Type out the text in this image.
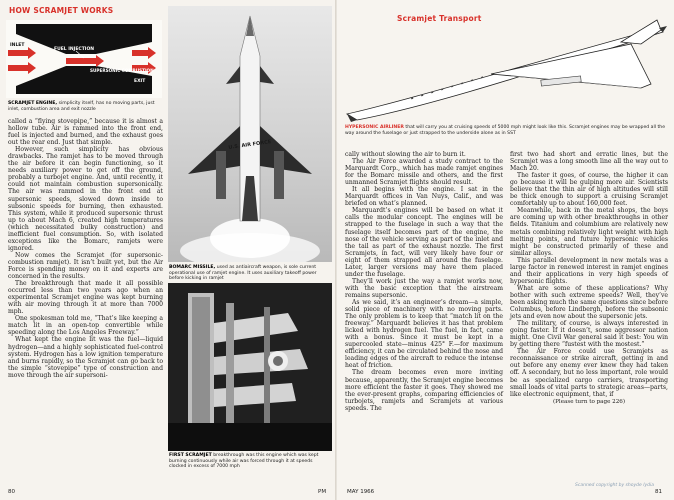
HOW SCRAMJET WORKS
FUEL INJECTION
INLET
SUPERSONIC COMBUSTION
EXIT
SCRAMJET ENGINE, simplicity itself, has no moving parts, just inlet, combustion area and exit nozzle
U.S. AIR FORCE
BOMARC MISSILE, used as antiaircraft weapon, is sole current operational use of ramjet engine. It uses auxiliary takeoff power before kicking in ramjet
FIRST SCRAMJET breakthrough was this engine which was kept burning continuously while air was forced through it at speeds clocked in excess of 7000 mph

called a “flying stovepipe,” because it is almost a hollow tube. Air is rammed into the front end, fuel is injected and burned, and the exhaust goes out the rear end. Just that simple.

However, such simplicity has obvious drawbacks. The ramjet has to be moved through the air before it can begin functioning, so it needs auxiliary power to get off the ground, probably a turbojet engine. And, until recently, it could not maintain combustion supersonically. The air was rammed in the front end at supersonic speeds, slowed down inside to subsonic speeds for burning, then exhausted. This system, while it produced supersonic thrust up to about Mach 6, created high temperatures (which necessitated bulky construction) and inefficient fuel consumption. So, with isolated exceptions like the Bomarc, ramjets were ignored.

Now comes the Scramjet (for supersonic-combustion ramjet). It isn’t built yet, but the Air Force is spending money on it and experts are concerned in the results.

The breakthrough that made it all possible occurred less than two years ago when an experimental Scramjet engine was kept burning with air moving through it at more than 7000 mph.

One spokesman told me, “That’s like keeping a match lit in an open-top convertible while speeding along the Los Angeles Freeway.”

What kept the engine lit was the fuel—liquid hydrogen—and a highly sophisticated fuel-control system. Hydrogen has a low ignition temperature and burns rapidly, so the Scramjet can go back to the simple “stovepipe” type of construction and move through the air supersoni-

80	PM
Scramjet Transport
HYPERSONIC AIRLINER that will carry you at cruising speeds of 5000 mph might look like this. Scramjet engines may be wrapped all the way around the fuselage or just strapped to the underside alone as in SST

cally without slowing the air to burn it.

The Air Force awarded a study contract to the Marquardt Corp., which has made ramjet engines for the Bomarc missile and others, and the first unmanned Scramjet flights should result.

It all begins with the engine. I sat in the Marquardt offices in Van Nuys, Calif., and was briefed on what’s planned.

Marquardt’s engines will be based on what it calls the modular concept. The engines will be strapped to the fuselage in such a way that the fuselage itself becomes part of the engine, the nose of the vehicle serving as part of the inlet and the tail as part of the exhaust nozzle. The first Scramjets, in fact, will very likely have four or eight of them strapped all around the fuselage. Later, larger versions may have them placed under the fuselage.

They’ll work just the way a ramjet works now, with the basic exception that the airstream remains supersonic.

As we said, it’s an engineer’s dream—a simple, solid piece of machinery with no moving parts. The only problem is to keep that “match lit on the freeway.” Marquardt believes it has that problem licked with hydrogen fuel. The fuel, in fact, came with a bonus. Since it must be kept in a supercooled state—minus 425° F.—for maximum efficiency, it can be circulated behind the nose and leading edges of the aircraft to reduce the intense heat of friction.

The dream becomes even more inviting because, apparently, the Scramjet engine becomes more efficient the faster it goes. They showed me the ever-present graphs, comparing efficiencies of turbojets, ramjets and Scramjets at various speeds. The

first two had short and erratic lines, but the Scramjet was a long smooth line all the way out to Mach 20.

The faster it goes, of course, the higher it can go because it will be gulping more air. Scientists believe that the thin air of high altitudes will still be thick enough to support a cruising Scramjet comfortably up to about 160,000 feet.

Meanwhile, back in the metal shops, the boys are coming up with other breakthroughs in other fields. Titanium and columbium are relatively new metals combining relatively light weight with high melting points, and future hypersonic vehicles might be constructed primarily of these and similar alloys.

This parallel development in new metals was a large factor in renewed interest in ramjet engines and their applications in very high speeds of hypersonic flights.

What are some of these applications? Why bother with such extreme speeds? Well, they’ve been asking much the same questions since before Columbus, before Lindbergh, before the subsonic jets and even now about the supersonic jets.

The military, of course, is always interested in going faster. If it doesn’t, some aggressor nation might. One Civil War general said it best: You win by getting there “fustest with the mostest.”

The Air Force could use Scramjets as reconnaissance or strike aircraft, getting in and out before any enemy ever knew they had taken off. A secondary, but no less important, role would be as specialized cargo carriers, transporting small loads of vital parts to strategic areas—parts, like electronic equipment, that, if

(Please turn to page 226)

MAY 1966	81
Scanned copyright by shoyde lydia
